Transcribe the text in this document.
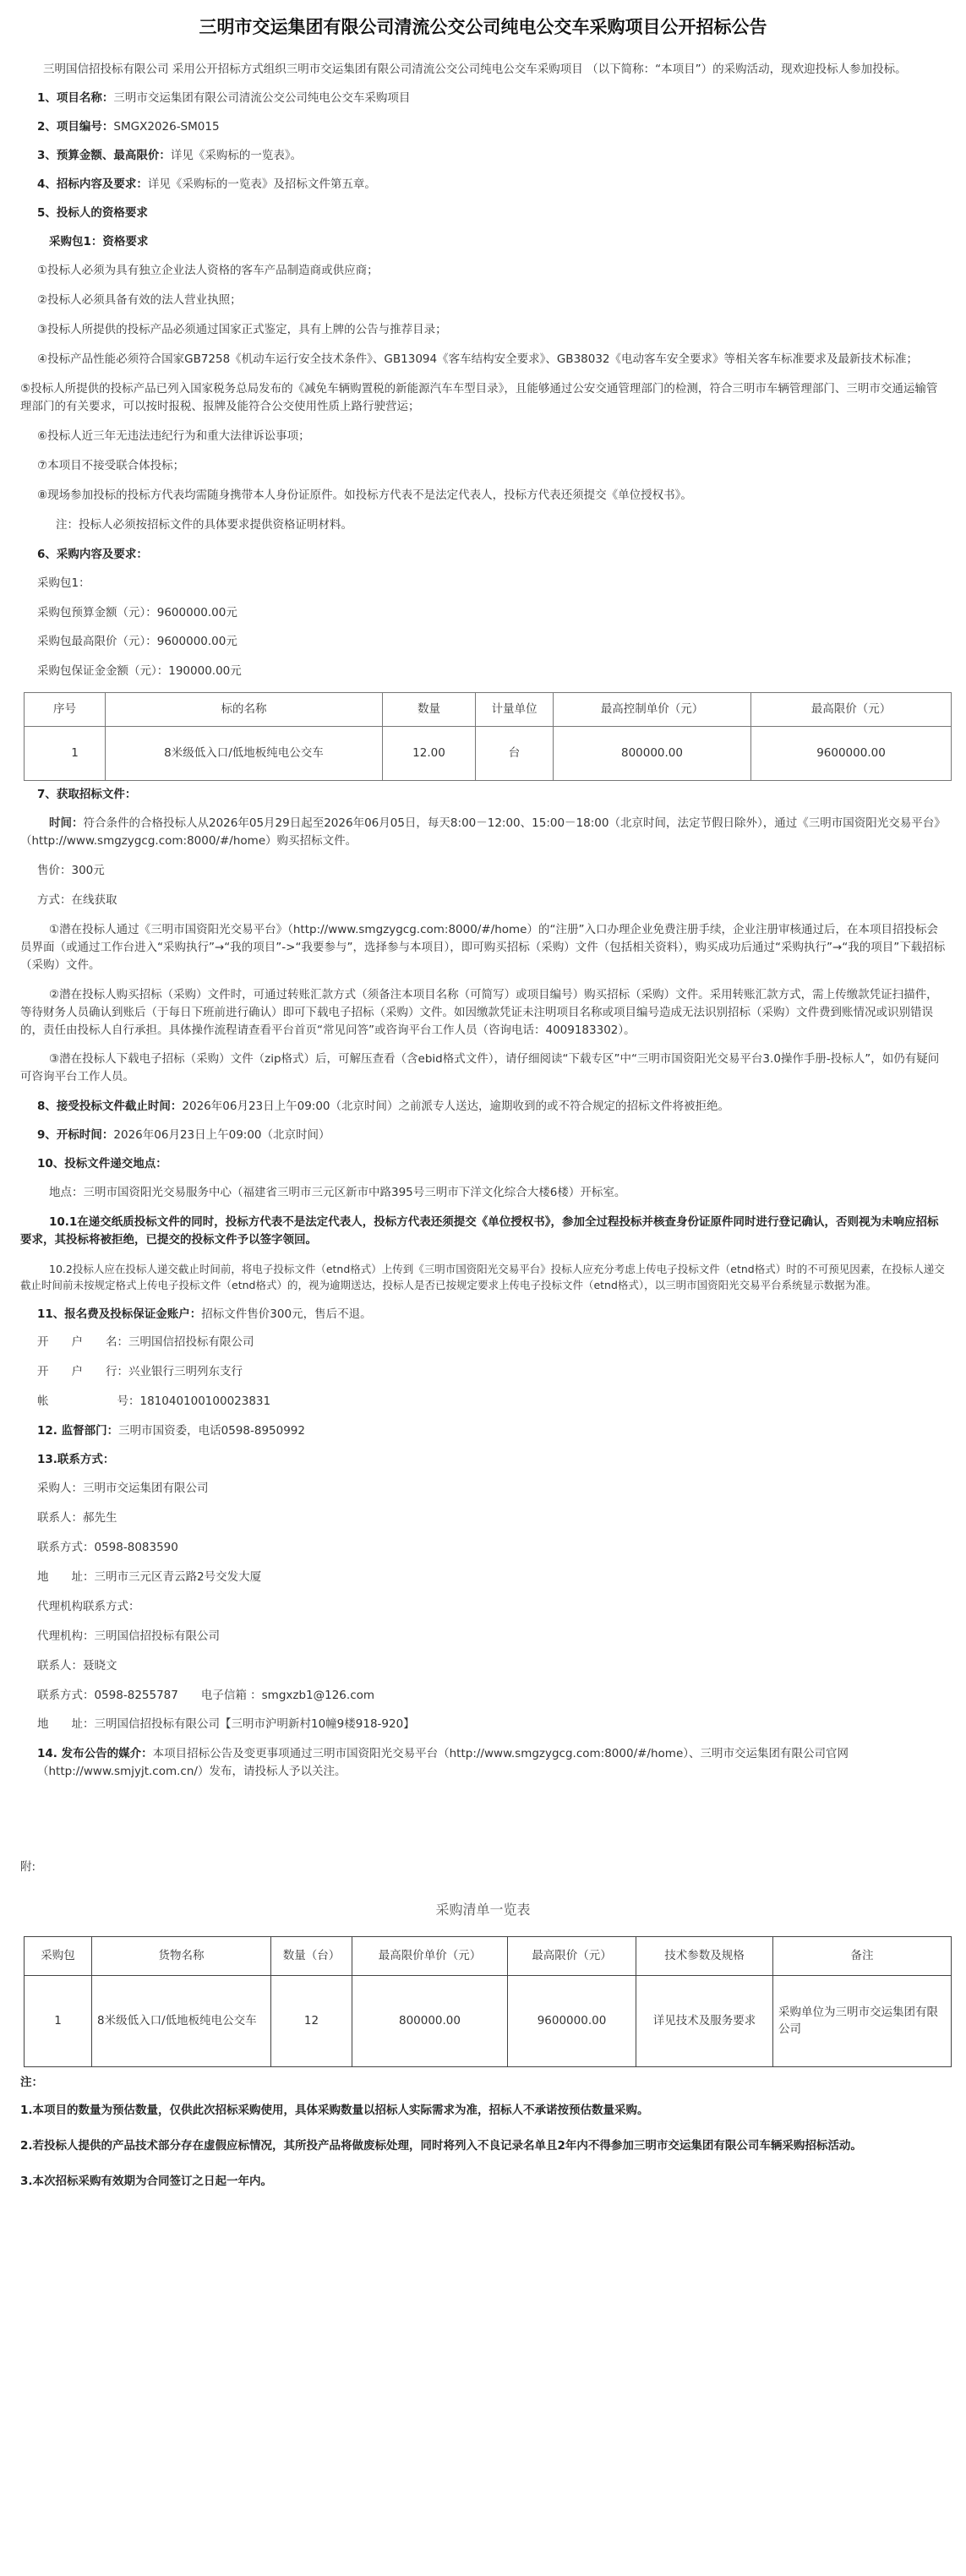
三明市交运集团有限公司清流公交公司纯电公交车采购项目公开招标公告

三明国信招投标有限公司 采用公开招标方式组织三明市交运集团有限公司清流公交公司纯电公交车采购项目 （以下简称：“本项目”）的采购活动，现欢迎投标人参加投标。

1、项目名称：三明市交运集团有限公司清流公交公司纯电公交车采购项目

2、项目编号：SMGX2026-SM015

3、预算金额、最高限价：详见《采购标的一览表》。

4、招标内容及要求：详见《采购标的一览表》及招标文件第五章。

5、投标人的资格要求

采购包1：资格要求

①投标人必须为具有独立企业法人资格的客车产品制造商或供应商；

②投标人必须具备有效的法人营业执照；

③投标人所提供的投标产品必须通过国家正式鉴定，具有上牌的公告与推荐目录；

④投标产品性能必须符合国家GB7258《机动车运行安全技术条件》、GB13094《客车结构安全要求》、GB38032《电动客车安全要求》等相关客车标准要求及最新技术标准；

⑤投标人所提供的投标产品已列入国家税务总局发布的《减免车辆购置税的新能源汽车车型目录》，且能够通过公安交通管理部门的检测，符合三明市车辆管理部门、三明市交通运输管理部门的有关要求，可以按时报税、报牌及能符合公交使用性质上路行驶营运；

⑥投标人近三年无违法违纪行为和重大法律诉讼事项；

⑦本项目不接受联合体投标；

⑧现场参加投标的投标方代表均需随身携带本人身份证原件。如投标方代表不是法定代表人，投标方代表还须提交《单位授权书》。

注：投标人必须按招标文件的具体要求提供资格证明材料。

6、采购内容及要求：

采购包1：

采购包预算金额（元）：9600000.00元

采购包最高限价（元）：9600000.00元

采购包保证金金额（元）：190000.00元

序号	标的名称	数量	计量单位	最高控制单价（元）	最高限价（元）
1	8米级低入口/低地板纯电公交车	12.00	台	800000.00	9600000.00

7、获取招标文件：

时间：符合条件的合格投标人从2026年05月29日起至2026年06月05日，每天8:00－12:00、15:00－18:00（北京时间，法定节假日除外），通过《三明市国资阳光交易平台》（http://www.smgzygcg.com:8000/#/home）购买招标文件。

售价：300元

方式：在线获取

①潜在投标人通过《三明市国资阳光交易平台》（http://www.smgzygcg.com:8000/#/home）的“注册”入口办理企业免费注册手续，企业注册审核通过后，在本项目招投标会员界面（或通过工作台进入“采购执行”→“我的项目”->“我要参与”，选择参与本项目），即可购买招标（采购）文件（包括相关资料），购买成功后通过“采购执行”→“我的项目”下载招标（采购）文件。

②潜在投标人购买招标（采购）文件时，可通过转账汇款方式（须备注本项目名称（可简写）或项目编号）购买招标（采购）文件。采用转账汇款方式，需上传缴款凭证扫描件，等待财务人员确认到账后（于每日下班前进行确认）即可下载电子招标（采购）文件。如因缴款凭证未注明项目名称或项目编号造成无法识别招标（采购）文件费到账情况或识别错误的，责任由投标人自行承担。具体操作流程请查看平台首页“常见问答”或咨询平台工作人员（咨询电话：4009183302）。

③潜在投标人下载电子招标（采购）文件（zip格式）后，可解压查看（含ebid格式文件），请仔细阅读“下载专区”中“三明市国资阳光交易平台3.0操作手册-投标人”，如仍有疑问可咨询平台工作人员。

8、接受投标文件截止时间：2026年06月23日上午09:00（北京时间）之前派专人送达，逾期收到的或不符合规定的招标文件将被拒绝。

9、开标时间：2026年06月23日上午09:00（北京时间）

10、投标文件递交地点：

地点：三明市国资阳光交易服务中心（福建省三明市三元区新市中路395号三明市下洋文化综合大楼6楼）开标室。

10.1在递交纸质投标文件的同时，投标方代表不是法定代表人，投标方代表还须提交《单位授权书》，参加全过程投标并核查身份证原件同时进行登记确认，否则视为未响应招标要求，其投标将被拒绝，已提交的投标文件予以签字领回。

10.2投标人应在投标人递交截止时间前，将电子投标文件（etnd格式）上传到《三明市国资阳光交易平台》投标人应充分考虑上传电子投标文件（etnd格式）时的不可预见因素，在投标人递交截止时间前未按规定格式上传电子投标文件（etnd格式）的，视为逾期送达，投标人是否已按规定要求上传电子投标文件（etnd格式），以三明市国资阳光交易平台系统显示数据为准。

11、报名费及投标保证金账户：招标文件售价300元，售后不退。

开　　户　　名：三明国信招投标有限公司

开　　户　　行：兴业银行三明列东支行

帐　　　　　　号：181040100100023831

12. 监督部门：三明市国资委，电话0598-8950992

13.联系方式：

采购人：三明市交运集团有限公司

联系人：郝先生

联系方式：0598-8083590

地　　址：三明市三元区青云路2号交发大厦

代理机构联系方式：

代理机构：三明国信招投标有限公司

联系人：聂晓文

联系方式：0598-8255787　　电子信箱 ：smgxzb1@126.com

地　　址：三明国信招投标有限公司【三明市沪明新村10幢9楼918-920】

14. 发布公告的媒介：本项目招标公告及变更事项通过三明市国资阳光交易平台（http://www.smgzygcg.com:8000/#/home）、三明市交运集团有限公司官网（http://www.smjyjt.com.cn/）发布，请投标人予以关注。

附:

采购清单一览表

采购包	货物名称	数量（台）	最高限价单价（元）	最高限价（元）	技术参数及规格	备注
1	8米级低入口/低地板纯电公交车	12	800000.00	9600000.00	详见技术及服务要求	采购单位为三明市交运集团有限公司

注：

1.本项目的数量为预估数量，仅供此次招标采购使用，具体采购数量以招标人实际需求为准，招标人不承诺按预估数量采购。

2.若投标人提供的产品技术部分存在虚假应标情况，其所投产品将做废标处理，同时将列入不良记录名单且2年内不得参加三明市交运集团有限公司车辆采购招标活动。

3.本次招标采购有效期为合同签订之日起一年内。
